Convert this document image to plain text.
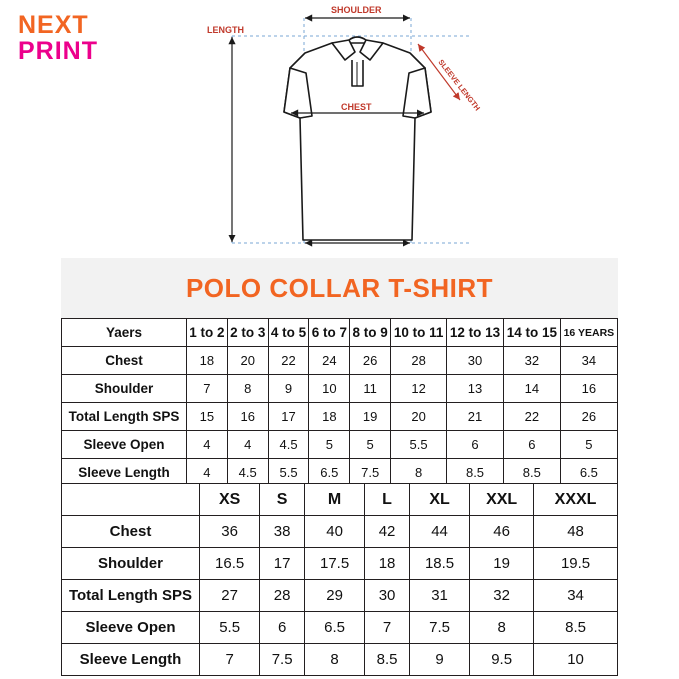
NEXT
PRINT
LENGTH
SHOULDER
CHEST	SLEEVE LENGTH
POLO COLLAR T-SHIRT
Yaers	1 to 2	2 to 3	4 to 5	6 to 7	8 to 9	10 to 11	12 to 13	14 to 15	16 YEARS
Chest	18	20	22	24	26	28	30	32	34
Shoulder	7	8	9	10	11	12	13	14	16
Total Length SPS	15	16	17	18	19	20	21	22	26
Sleeve Open	4	4	4.5	5	5	5.5	6	6	5
Sleeve Length	4	4.5	5.5	6.5	7.5	8	8.5	8.5	6.5
	XS	S	M	L	XL	XXL	XXXL
Chest	36	38	40	42	44	46	48
Shoulder	16.5	17	17.5	18	18.5	19	19.5
Total Length SPS	27	28	29	30	31	32	34
Sleeve Open	5.5	6	6.5	7	7.5	8	8.5
Sleeve Length	7	7.5	8	8.5	9	9.5	10
